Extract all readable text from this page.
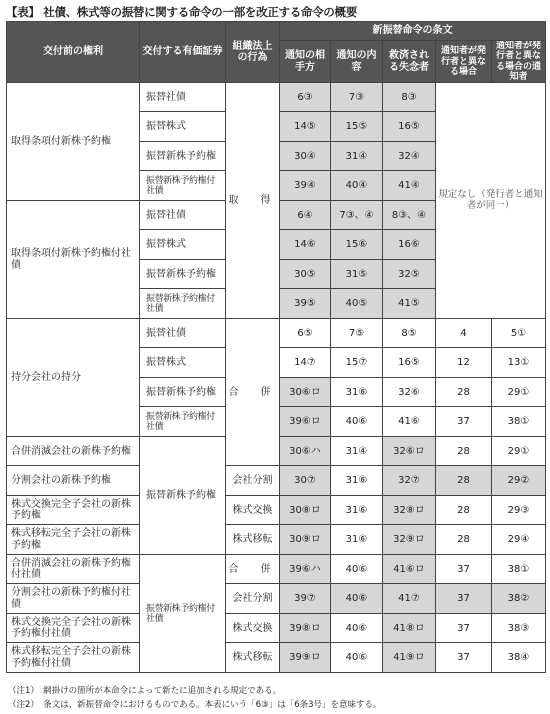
【表】 社債、株式等の振替に関する命令の一部を改正する命令の概要
交付前の権利	交付する有価証券	組織法上の行為	新振替命令の条文				
			通知の相手方	通知の内容	救済される失念者	通知者が発行者と異なる場合	通知者が発行者と異なる場合の通知者
取得条項付新株予約権	振替社債	取　得	6③	7③	8③	規定なし（発行者と通知者が同一）	
	振替株式		14⑤	15⑤	16⑤		
	振替新株予約権		30④	31④	32④		
	振替新株予約権付社債		39④	40④	41④		
取得条項付新株予約権付社債	振替社債		6④	7③、④	8③、④		
	振替株式		14⑥	15⑥	16⑥		
	振替新株予約権		30⑤	31⑤	32⑤		
	振替新株予約権付社債		39⑤	40⑤	41⑤		
持分会社の持分	振替社債	合　併	6⑤	7⑤	8⑤	4	5①
	振替株式		14⑦	15⑦	16⑤	12	13①
	振替新株予約権		30⑥ロ	31⑥	32⑥	28	29①
	振替新株予約権付社債		39⑥ロ	40⑥	41⑥	37	38①
合併消滅会社の新株予約権	振替新株予約権		30⑥ハ	31④	32⑥ロ	28	29①
分割会社の新株予約権		会社分割	30⑦	31⑥	32⑦	28	29②
株式交換完全子会社の新株予約権		株式交換	30⑧ロ	31⑥	32⑧ロ	28	29③
株式移転完全子会社の新株予約権		株式移転	30⑨ロ	31⑥	32⑨ロ	28	29④
合併消滅会社の新株予約権付社債	振替新株予約権付社債	合　併	39⑥ハ	40⑥	41⑥ロ	37	38①
分割会社の新株予約権付社債		会社分割	39⑦	40⑥	41⑦	37	38②
株式交換完全子会社の新株予約権付社債		株式交換	39⑧ロ	40⑥	41⑧ロ	37	38③
株式移転完全子会社の新株予約権付社債		株式移転	39⑨ロ	40⑥	41⑨ロ	37	38④
（注1）　網掛けの箇所が本命令によって新たに追加される規定である。
（注2）　条文は、新振替命令におけるものである。本表にいう「6③」は「6条3号」を意味する。
